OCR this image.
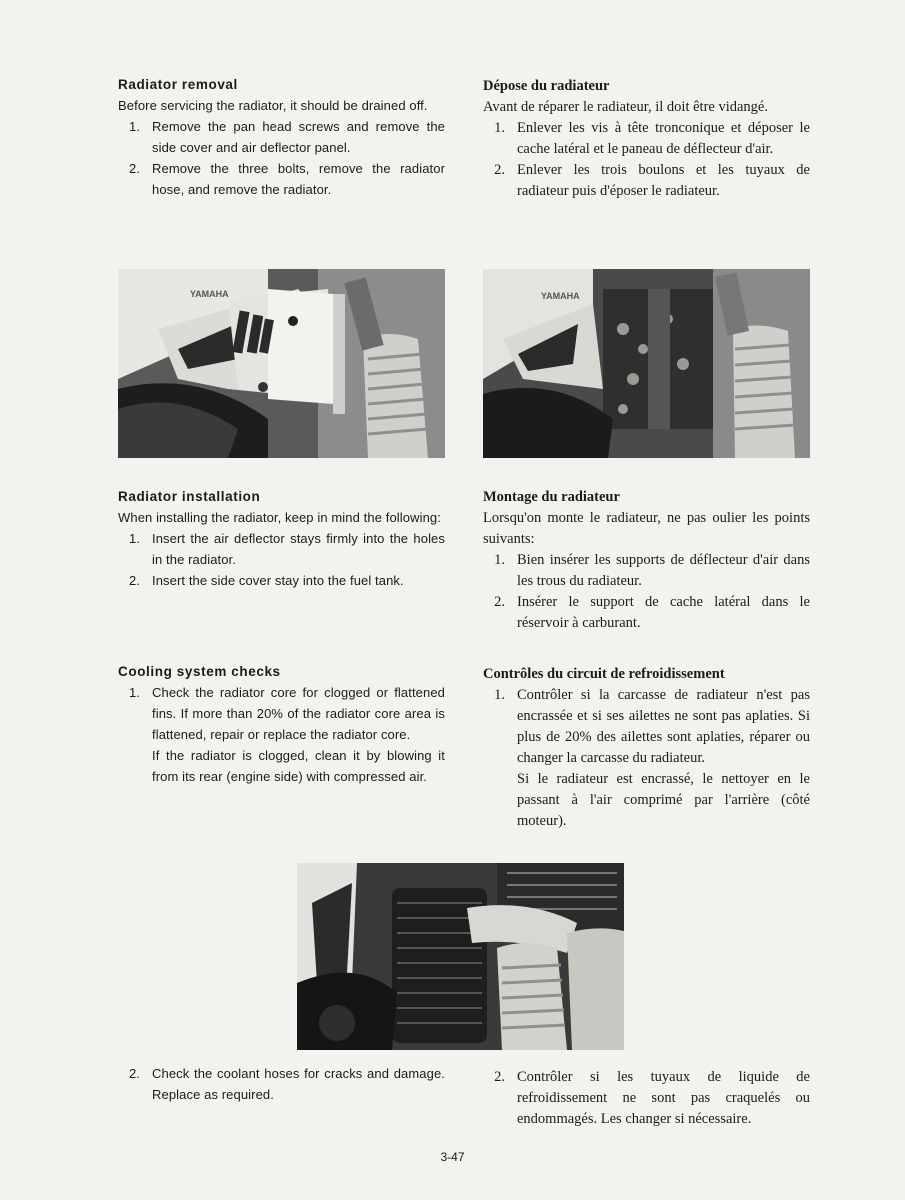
Radiator removal

Before servicing the radiator, it should be drained off.

1. Remove the pan head screws and remove the side cover and air deflector panel.
2. Remove the three bolts, remove the radiator hose, and remove the radiator.
Dépose du radiateur

Avant de réparer le radiateur, il doit être vidangé.

1. Enlever les vis à tête tronconique et déposer le cache latéral et le paneau de déflecteur d'air.
2. Enlever les trois boulons et les tuyaux de radiateur puis d'époser le radiateur.
YAMAHA	YAMAHA
Radiator installation

When installing the radiator, keep in mind the following:

1. Insert the air deflector stays firmly into the holes in the radiator.
2. Insert the side cover stay into the fuel tank.
Montage du radiateur

Lorsqu'on monte le radiateur, ne pas oulier les points suivants:

1. Bien insérer les supports de déflecteur d'air dans les trous du radiateur.
2. Insérer le support de cache latéral dans le réservoir à carburant.
Cooling system checks
1. Check the radiator core for clogged or flattened fins. If more than 20% of the radiator core area is flattened, repair or replace the radiator core.

If the radiator is clogged, clean it by blowing it from its rear (engine side) with compressed air.

Contrôles du circuit de refroidissement
1. Contrôler si la carcasse de radiateur n'est pas encrassée et si ses ailettes ne sont pas aplaties. Si plus de 20% des ailettes sont aplaties, réparer ou changer la carcasse du radiateur.

Si le radiateur est encrassé, le nettoyer en le passant à l'air comprimé par l'arrière (côté moteur).

2. Check the coolant hoses for cracks and damage. Replace as required.
2. Contrôler si les tuyaux de liquide de refroidissement ne sont pas craquelés ou endommagés. Les changer si nécessaire.
3-47
